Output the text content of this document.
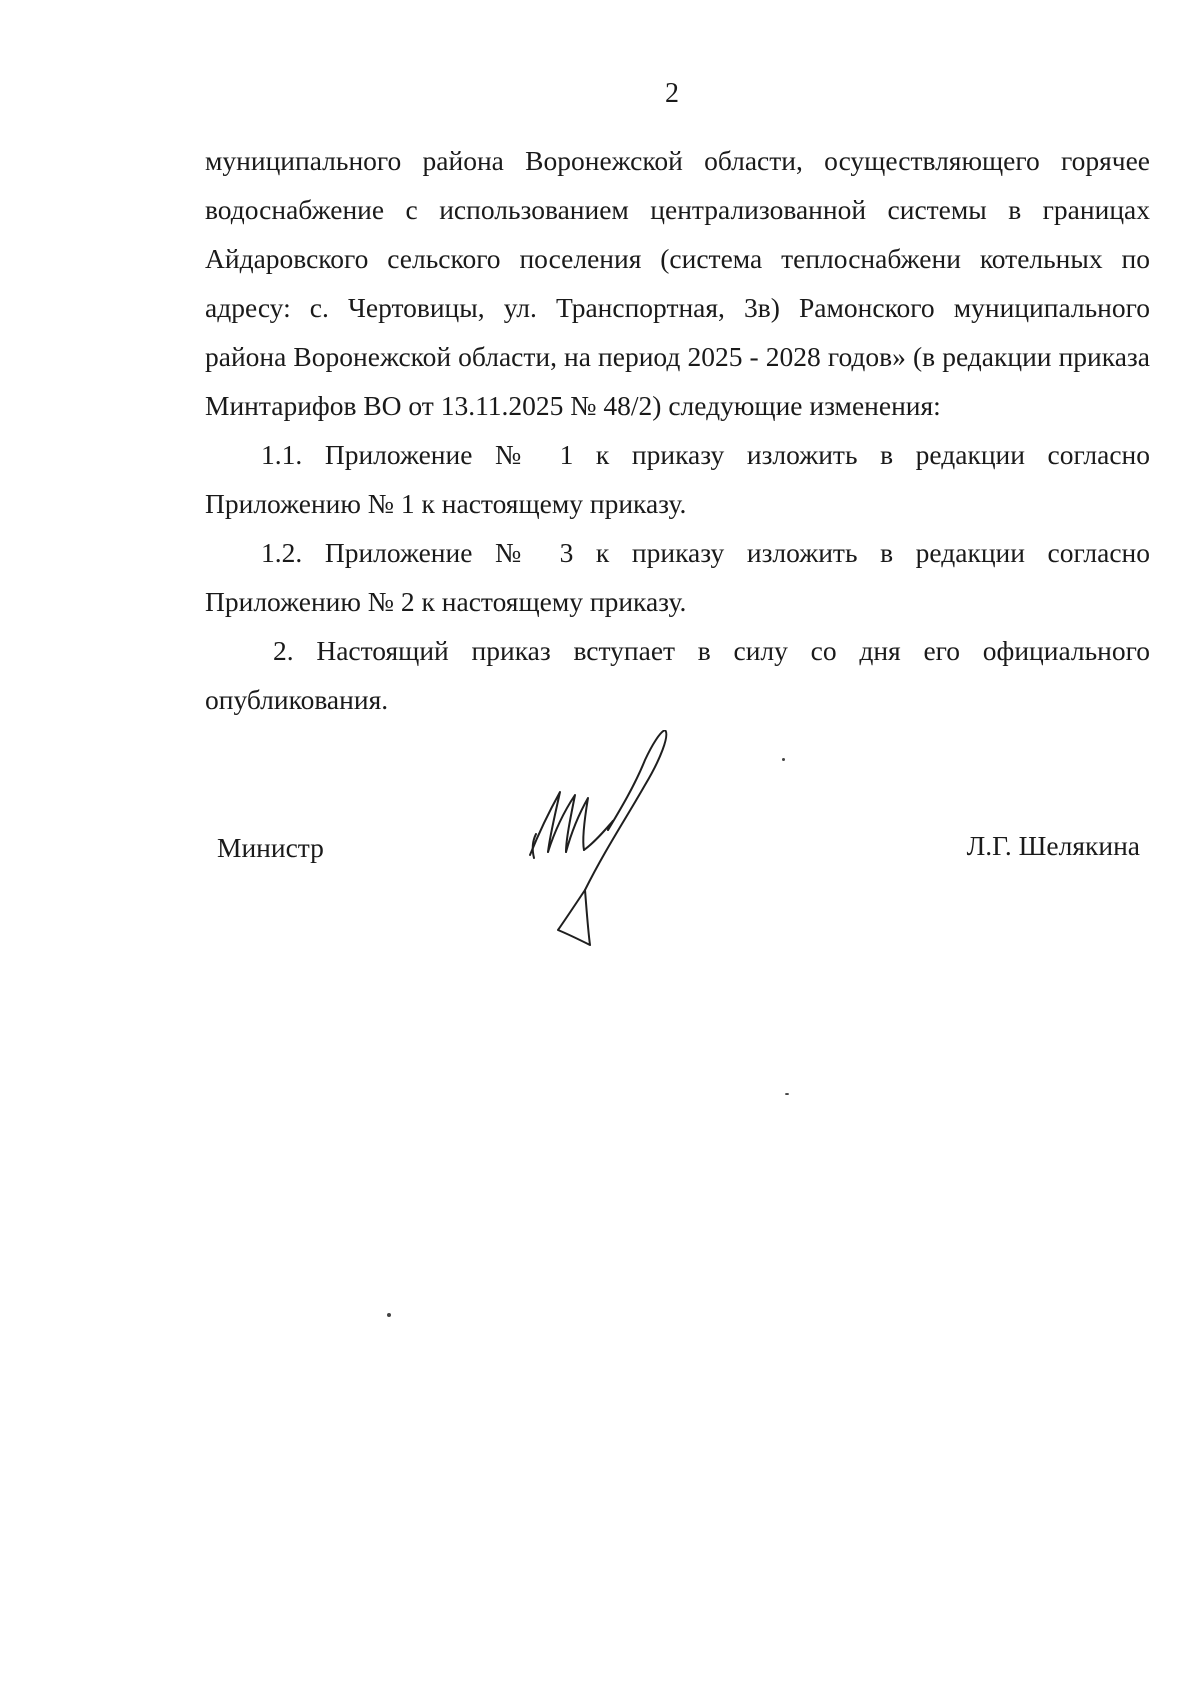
2

муниципального района Воронежской области, осуществляющего горячее водоснабжение с использованием централизованной системы в границах Айдаровского сельского поселения (система теплоснабжени котельных по адресу: с. Чертовицы, ул. Транспортная, 3в) Рамонского муниципального района Воронежской области, на период 2025 - 2028 годов» (в редакции приказа Минтарифов ВО от 13.11.2025 № 48/2) следующие изменения:

1.1. Приложение № 1 к приказу изложить в редакции согласно Приложению № 1 к настоящему приказу.

1.2. Приложение № 3 к приказу изложить в редакции согласно Приложению № 2 к настоящему приказу.

2. Настоящий приказ вступает в силу со дня его официального опубликования.

Министр	Л.Г. Шелякина
